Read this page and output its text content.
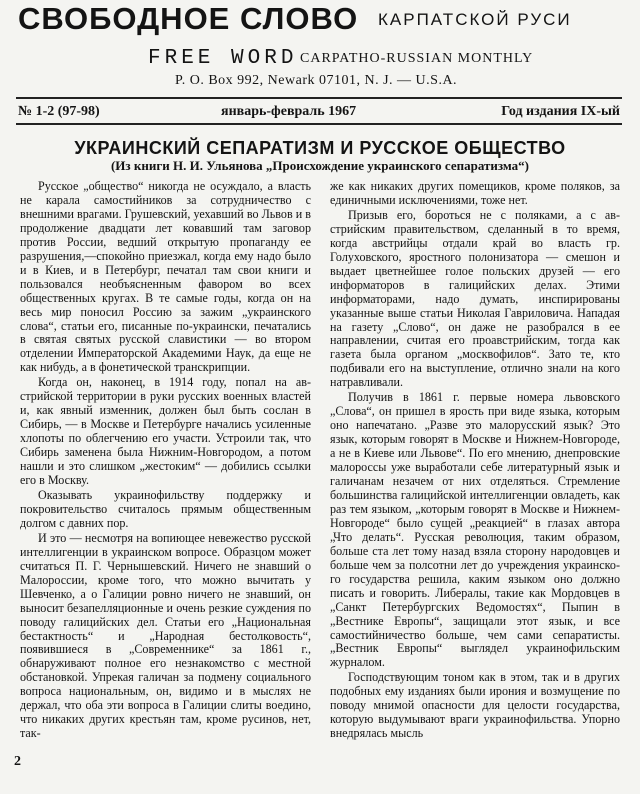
СВОБОДНОЕ СЛОВО КАРПАТСКОЙ РУСИ
FREE WORD CARPATHO-RUSSIAN MONTHLY
P. O. Box 992, Newark 07101, N. J. — U.S.A.
№ 1-2 (97-98)	январь-февраль 1967	Год издания IX-ый
УКРАИНСКИЙ СЕПАРАТИЗМ И РУССКОЕ ОБЩЕСТВО
(Из книги Н. И. Ульянова „Происхождение украинского сепаратизма“)

Русское „общество“ никогда не осуждало, а власть не карала самостийников за сотрудничество с внешними врагами. Грушевский, уехавший во Львов и в продолжение двадцати лет ковавший там заговор против России, ведший открытую пропаганду ее разрушения,—спокойно приезжал, когда ему надо было и в Киев, и в Петербург, печатал там свои книги и пользовался необъясненным фавором во всех общественных кругах. В те самые годы, когда он на весь мир поносил Россию за зажим „украинского слова“, статьи его, писанные по-украински, печатались в святая святых русской славистики — во втором отделении Императорской Академими Наук, да еще не как нибудь, а в фонетической транскрипции.

Когда он, наконец, в 1914 году, попал на австрийской территории в руки русских военных властей и, как явный изменник, должен был быть сослан в Сибирь, — в Москве и Петербурге начались усиленные хлопоты по облегчению его участи. Устроили так, что Сибирь заменена была Нижним-Новгородом, а потом нашли и это слишком „жестоким“ — добились ссылки его в Москву.

Оказывать украинофильству поддержку и покровительство считалось прямым общественным долгом с давних пор.

И это — несмотря на вопиющее невежество русской интеллигенции в украинском вопросе. Образцом может считаться П. Г. Чернышевский. Ничего не знавший о Малороссии, кроме того, что можно вычитать у Шевченко, а о Галиции ровно ничего не знавший, он выносит безапелляционные и очень резкие суждения по поводу галицийских дел. Статьи его „Национальная бестактность“ и „Народная бестолковость“, появившиеся в „Современнике“ за 1861 г., обнаруживают полное его незнакомство с местной обстановкой. Упрекая галичан за подмену социального вопроса национальным, он, видимо и в мыслях не держал, что оба эти вопроса в Галиции слиты воедино, что никаких других крестьян там, кроме русинов, нет, так-

же как никаких других помещиков, кроме поляков, за единичными исключениями, тоже нет.

Призыв его, бороться не с поляками, а с австрийским правительством, сделанный в то время, когда австрийцы отдали край во власть гр. Голуховского, яростного полонизатора — смешон и выдает цветнейшее голое польских друзей — его информаторов в галицийских делах. Этими информаторами, надо думать, инспирированы указанные выше статьи Николая Гавриловича. Нападая на газету „Слово“, он даже не разобрался в ее направлении, считая его проавстрийским, тогда как газета была органом „москвофилов“. Зато те, кто подбивали его на выступление, отлично знали на кого натравливали.

Получив в 1861 г. первые номера львовского „Слова“, он пришел в ярость при виде языка, которым оно напечатано. „Разве это малорусский язык? Это язык, которым говорят в Москве и Нижнем-Новгороде, а не в Киеве или Львове“. По его мнению, днепровские малороссы уже выработали себе литературный язык и галичанам незачем от них отделяться. Стремление большинства галицийской интеллигенции овладеть, как раз тем языком, „которым говорят в Москве и Нижнем-Новгороде“ было сущей „реакцией“ в глазах автора „Что делать“. Русская революция, таким образом, больше ста лет тому назад взяла сторону народовцев и больше чем за полсотни лет до учреждения украинского государства решила, каким языком оно должно писать и говорить. Либералы, такие как Мордовцев в „Санкт Петербургских Ведомостях“, Пыпин в „Вестнике Европы“, защищали этот язык, и все самостийничество больше, чем сами сепаратисты. „Вестник Европы“ выглядел украинофильским журналом.

Господствующим тоном как в этом, так и в других подобных ему изданиях были ирония и возмущение по поводу мнимой опасности для целости государства, которую выдумывают враги украинофильства. Упорно внедрялась мысль

2
